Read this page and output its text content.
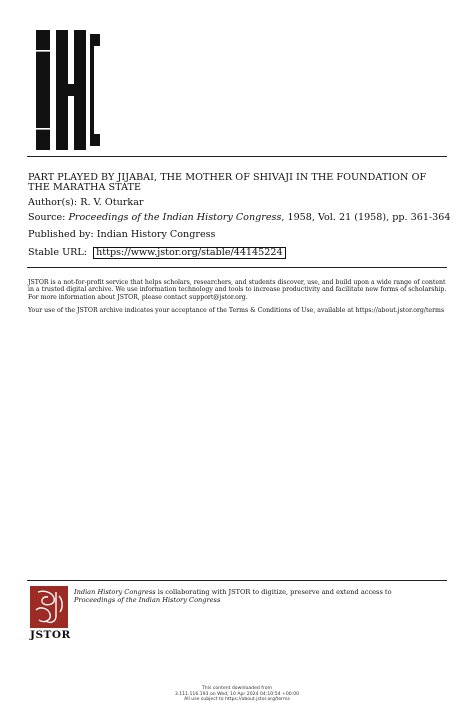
PART PLAYED BY JIJABAI, THE MOTHER OF SHIVAJI IN THE FOUNDATION OF THE MARATHA STATE
Author(s): R. V. Oturkar
Source: Proceedings of the Indian History Congress, 1958, Vol. 21 (1958), pp. 361-364
Published by: Indian History Congress
Stable URL: https://www.jstor.org/stable/44145224
JSTOR is a not-for-profit service that helps scholars, researchers, and students discover, use, and build upon a wide range of content in a trusted digital archive. We use information technology and tools to increase productivity and facilitate new forms of scholarship. For more information about JSTOR, please contact support@jstor.org.
Your use of the JSTOR archive indicates your acceptance of the Terms & Conditions of Use, available at https://about.jstor.org/terms
JSTOR
Indian History Congress is collaborating with JSTOR to digitize, preserve and extend access to
Proceedings of the Indian History Congress
This content downloaded from
3.111.116.193 on Wed, 10 Apr 2024 04:10:54 +00:00
All use subject to https://about.jstor.org/terms
